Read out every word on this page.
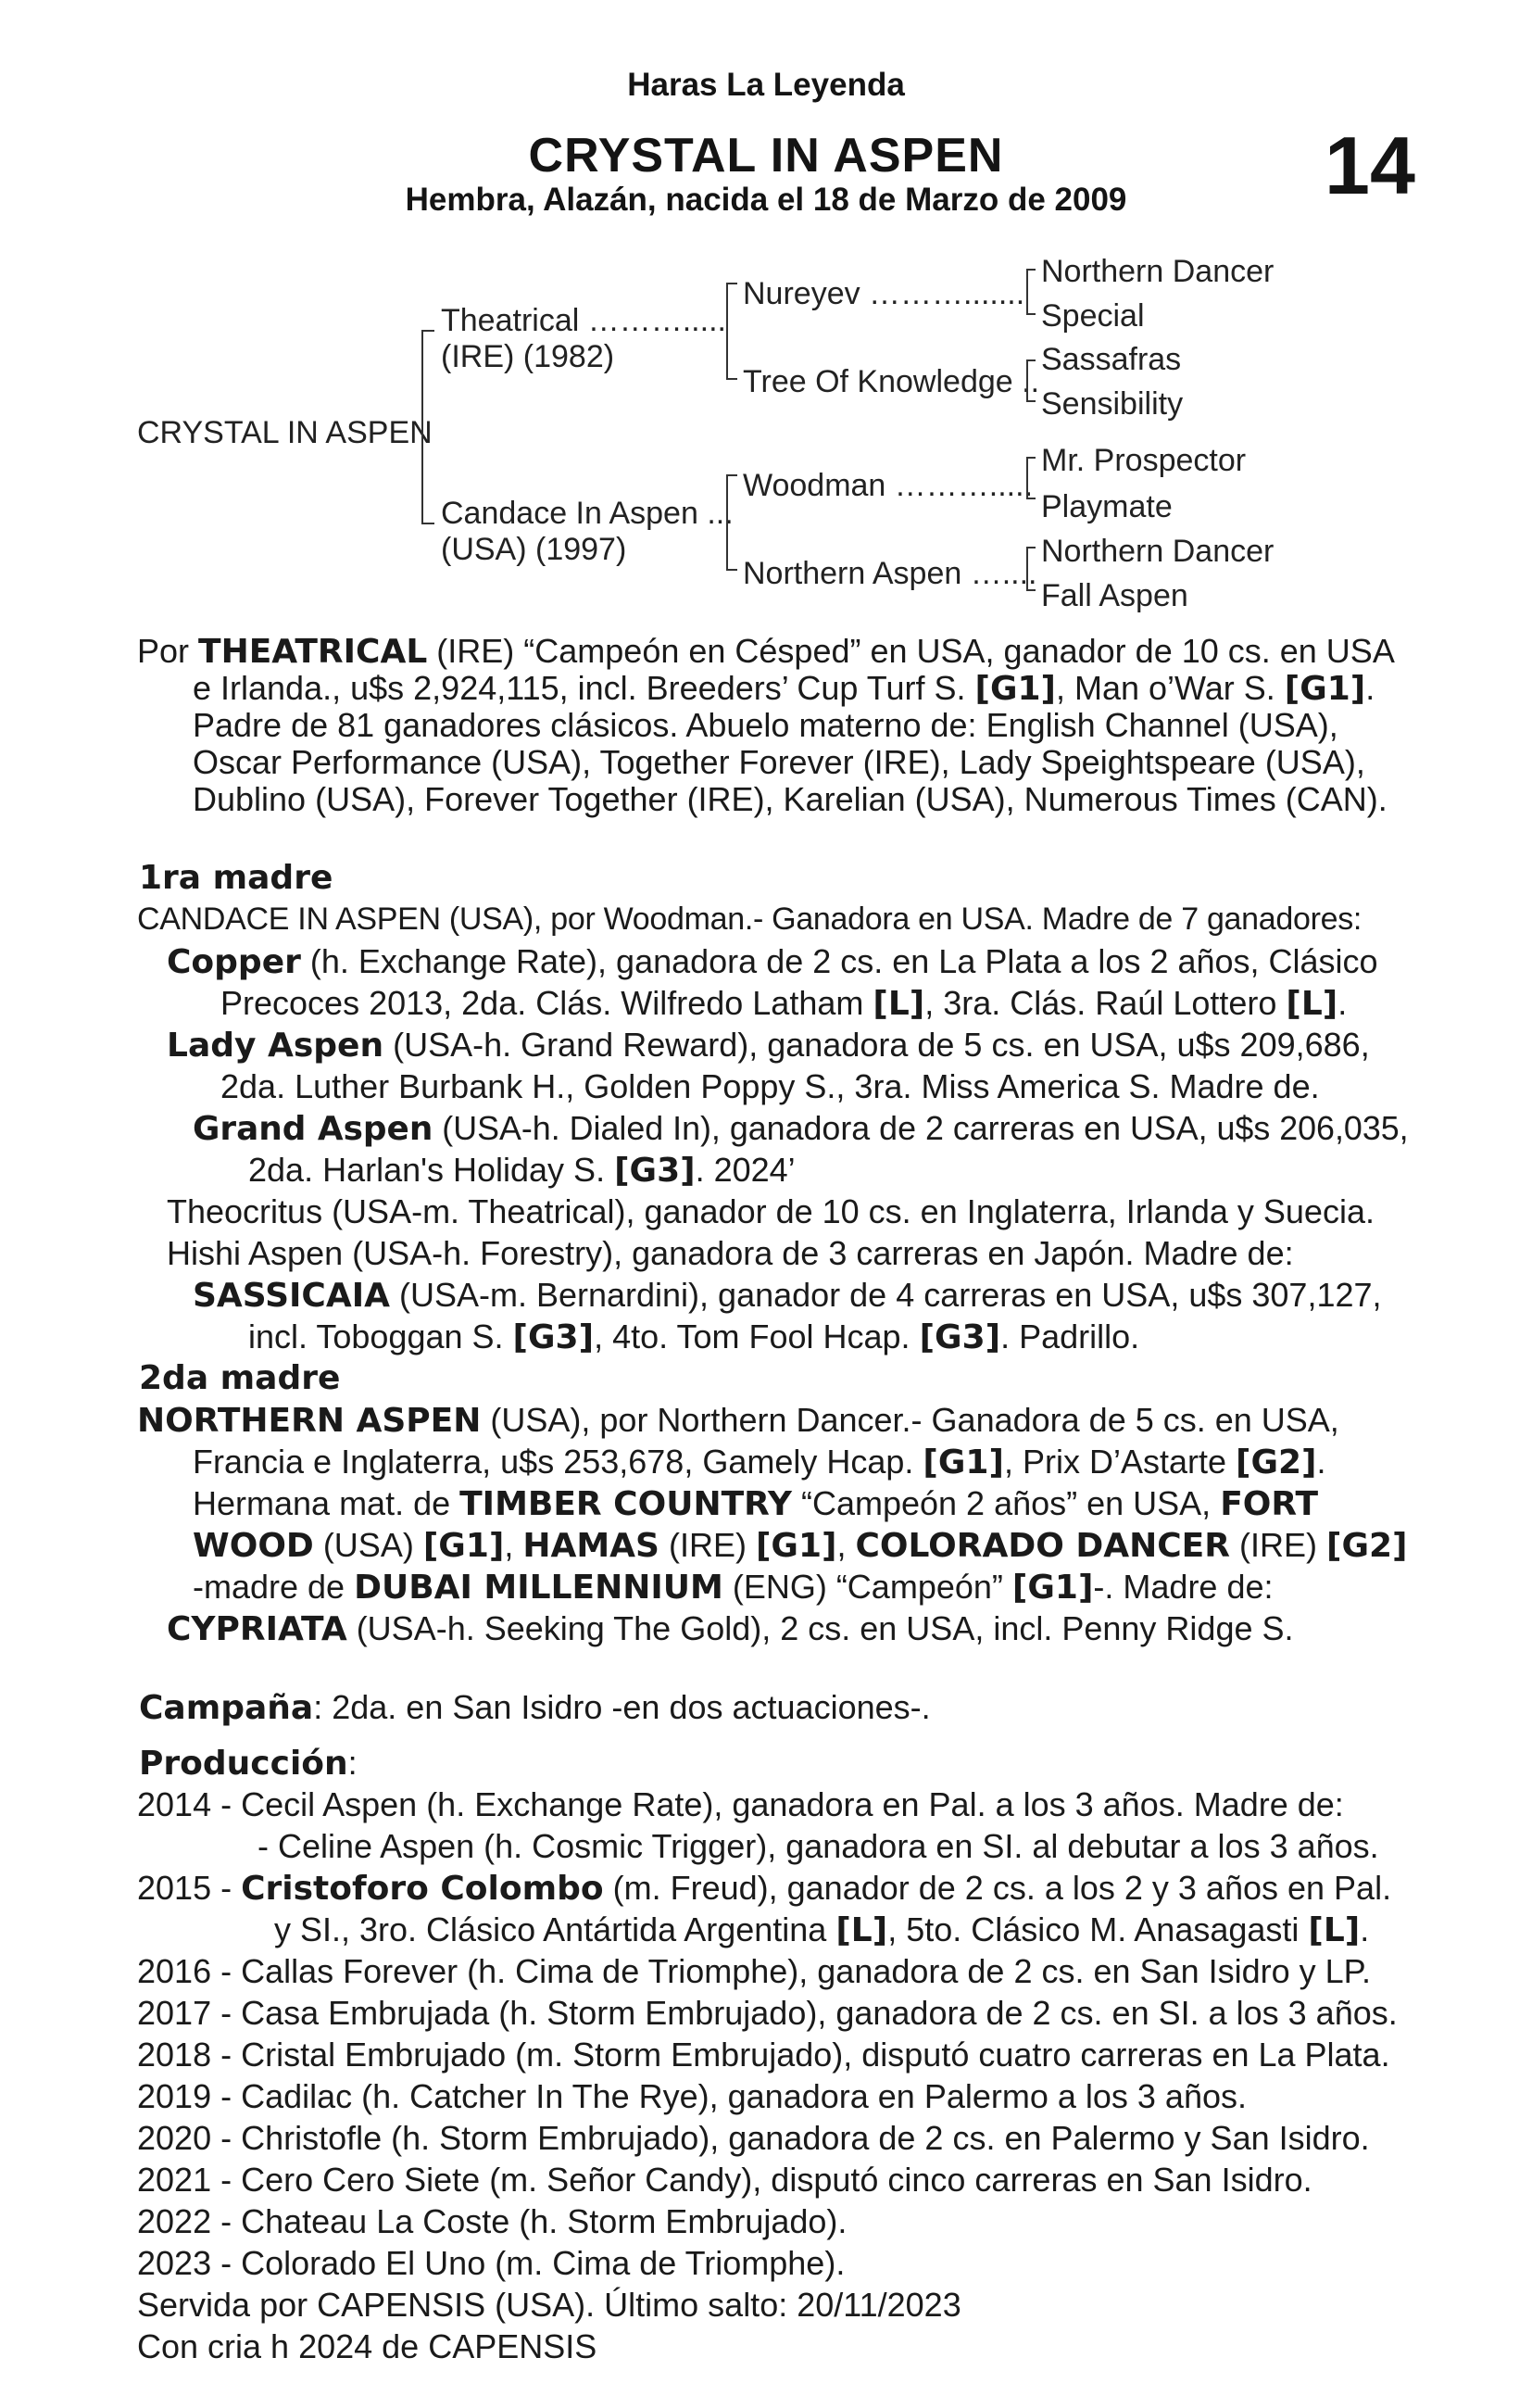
Haras La Leyenda
CRYSTAL IN ASPEN
Hembra, Alazán, nacida el 18 de Marzo de 2009	14
CRYSTAL IN ASPEN
Theatrical ……….....
(IRE) (1982)
Candace In Aspen ...
(USA) (1997)
Nureyev ……….......
Tree Of Knowledge ..
Woodman ……….....
Northern Aspen …....
Northern Dancer
Special
Sassafras
Sensibility
Mr. Prospector
Playmate
Northern Dancer
Fall Aspen
Por THEATRICAL (IRE) “Campeón en Césped” en USA, ganador de 10 cs. en USA
e Irlanda., u$s 2,924,115, incl. Breeders’ Cup Turf S. [G1], Man o’War S. [G1].
Padre de 81 ganadores clásicos. Abuelo materno de: English Channel (USA),
Oscar Performance (USA), Together Forever (IRE), Lady Speightspeare (USA),
Dublino (USA), Forever Together (IRE), Karelian (USA), Numerous Times (CAN).
1ra madre
CANDACE IN ASPEN (USA), por Woodman.- Ganadora en USA. Madre de 7 ganadores:
Copper (h. Exchange Rate), ganadora de 2 cs. en La Plata a los 2 años, Clásico
Precoces 2013, 2da. Clás. Wilfredo Latham [L], 3ra. Clás. Raúl Lottero [L].
Lady Aspen (USA-h. Grand Reward), ganadora de 5 cs. en USA, u$s 209,686,
2da. Luther Burbank H., Golden Poppy S., 3ra. Miss America S. Madre de.
Grand Aspen (USA-h. Dialed In), ganadora de 2 carreras en USA, u$s 206,035,
2da. Harlan's Holiday S. [G3]. 2024’
Theocritus (USA-m. Theatrical), ganador de 10 cs. en Inglaterra, Irlanda y Suecia.
Hishi Aspen (USA-h. Forestry), ganadora de 3 carreras en Japón. Madre de:
SASSICAIA (USA-m. Bernardini), ganador de 4 carreras en USA, u$s 307,127,
incl. Toboggan S. [G3], 4to. Tom Fool Hcap. [G3]. Padrillo.
2da madre
NORTHERN ASPEN (USA), por Northern Dancer.- Ganadora de 5 cs. en USA,
Francia e Inglaterra, u$s 253,678, Gamely Hcap. [G1], Prix D’Astarte [G2].
Hermana mat. de TIMBER COUNTRY “Campeón 2 años” en USA, FORT
WOOD (USA) [G1], HAMAS (IRE) [G1], COLORADO DANCER (IRE) [G2]
-madre de DUBAI MILLENNIUM (ENG) “Campeón” [G1]-. Madre de:
CYPRIATA (USA-h. Seeking The Gold), 2 cs. en USA, incl. Penny Ridge S.
Campaña: 2da. en San Isidro -en dos actuaciones-.
Producción:
2014 - Cecil Aspen (h. Exchange Rate), ganadora en Pal. a los 3 años. Madre de:
- Celine Aspen (h. Cosmic Trigger), ganadora en SI. al debutar a los 3 años.
2015 - Cristoforo Colombo (m. Freud), ganador de 2 cs. a los 2 y 3 años en Pal.
y SI., 3ro. Clásico Antártida Argentina [L], 5to. Clásico M. Anasagasti [L].
2016 - Callas Forever (h. Cima de Triomphe), ganadora de 2 cs. en San Isidro y LP.
2017 - Casa Embrujada (h. Storm Embrujado), ganadora de 2 cs. en SI. a los 3 años.
2018 - Cristal Embrujado (m. Storm Embrujado), disputó cuatro carreras en La Plata.
2019 - Cadilac (h. Catcher In The Rye), ganadora en Palermo a los 3 años.
2020 - Christofle (h. Storm Embrujado), ganadora de 2 cs. en Palermo y San Isidro.
2021 - Cero Cero Siete (m. Señor Candy), disputó cinco carreras en San Isidro.
2022 - Chateau La Coste (h. Storm Embrujado).
2023 - Colorado El Uno (m. Cima de Triomphe).
Servida por CAPENSIS (USA). Último salto: 20/11/2023
Con cria h 2024 de CAPENSIS
